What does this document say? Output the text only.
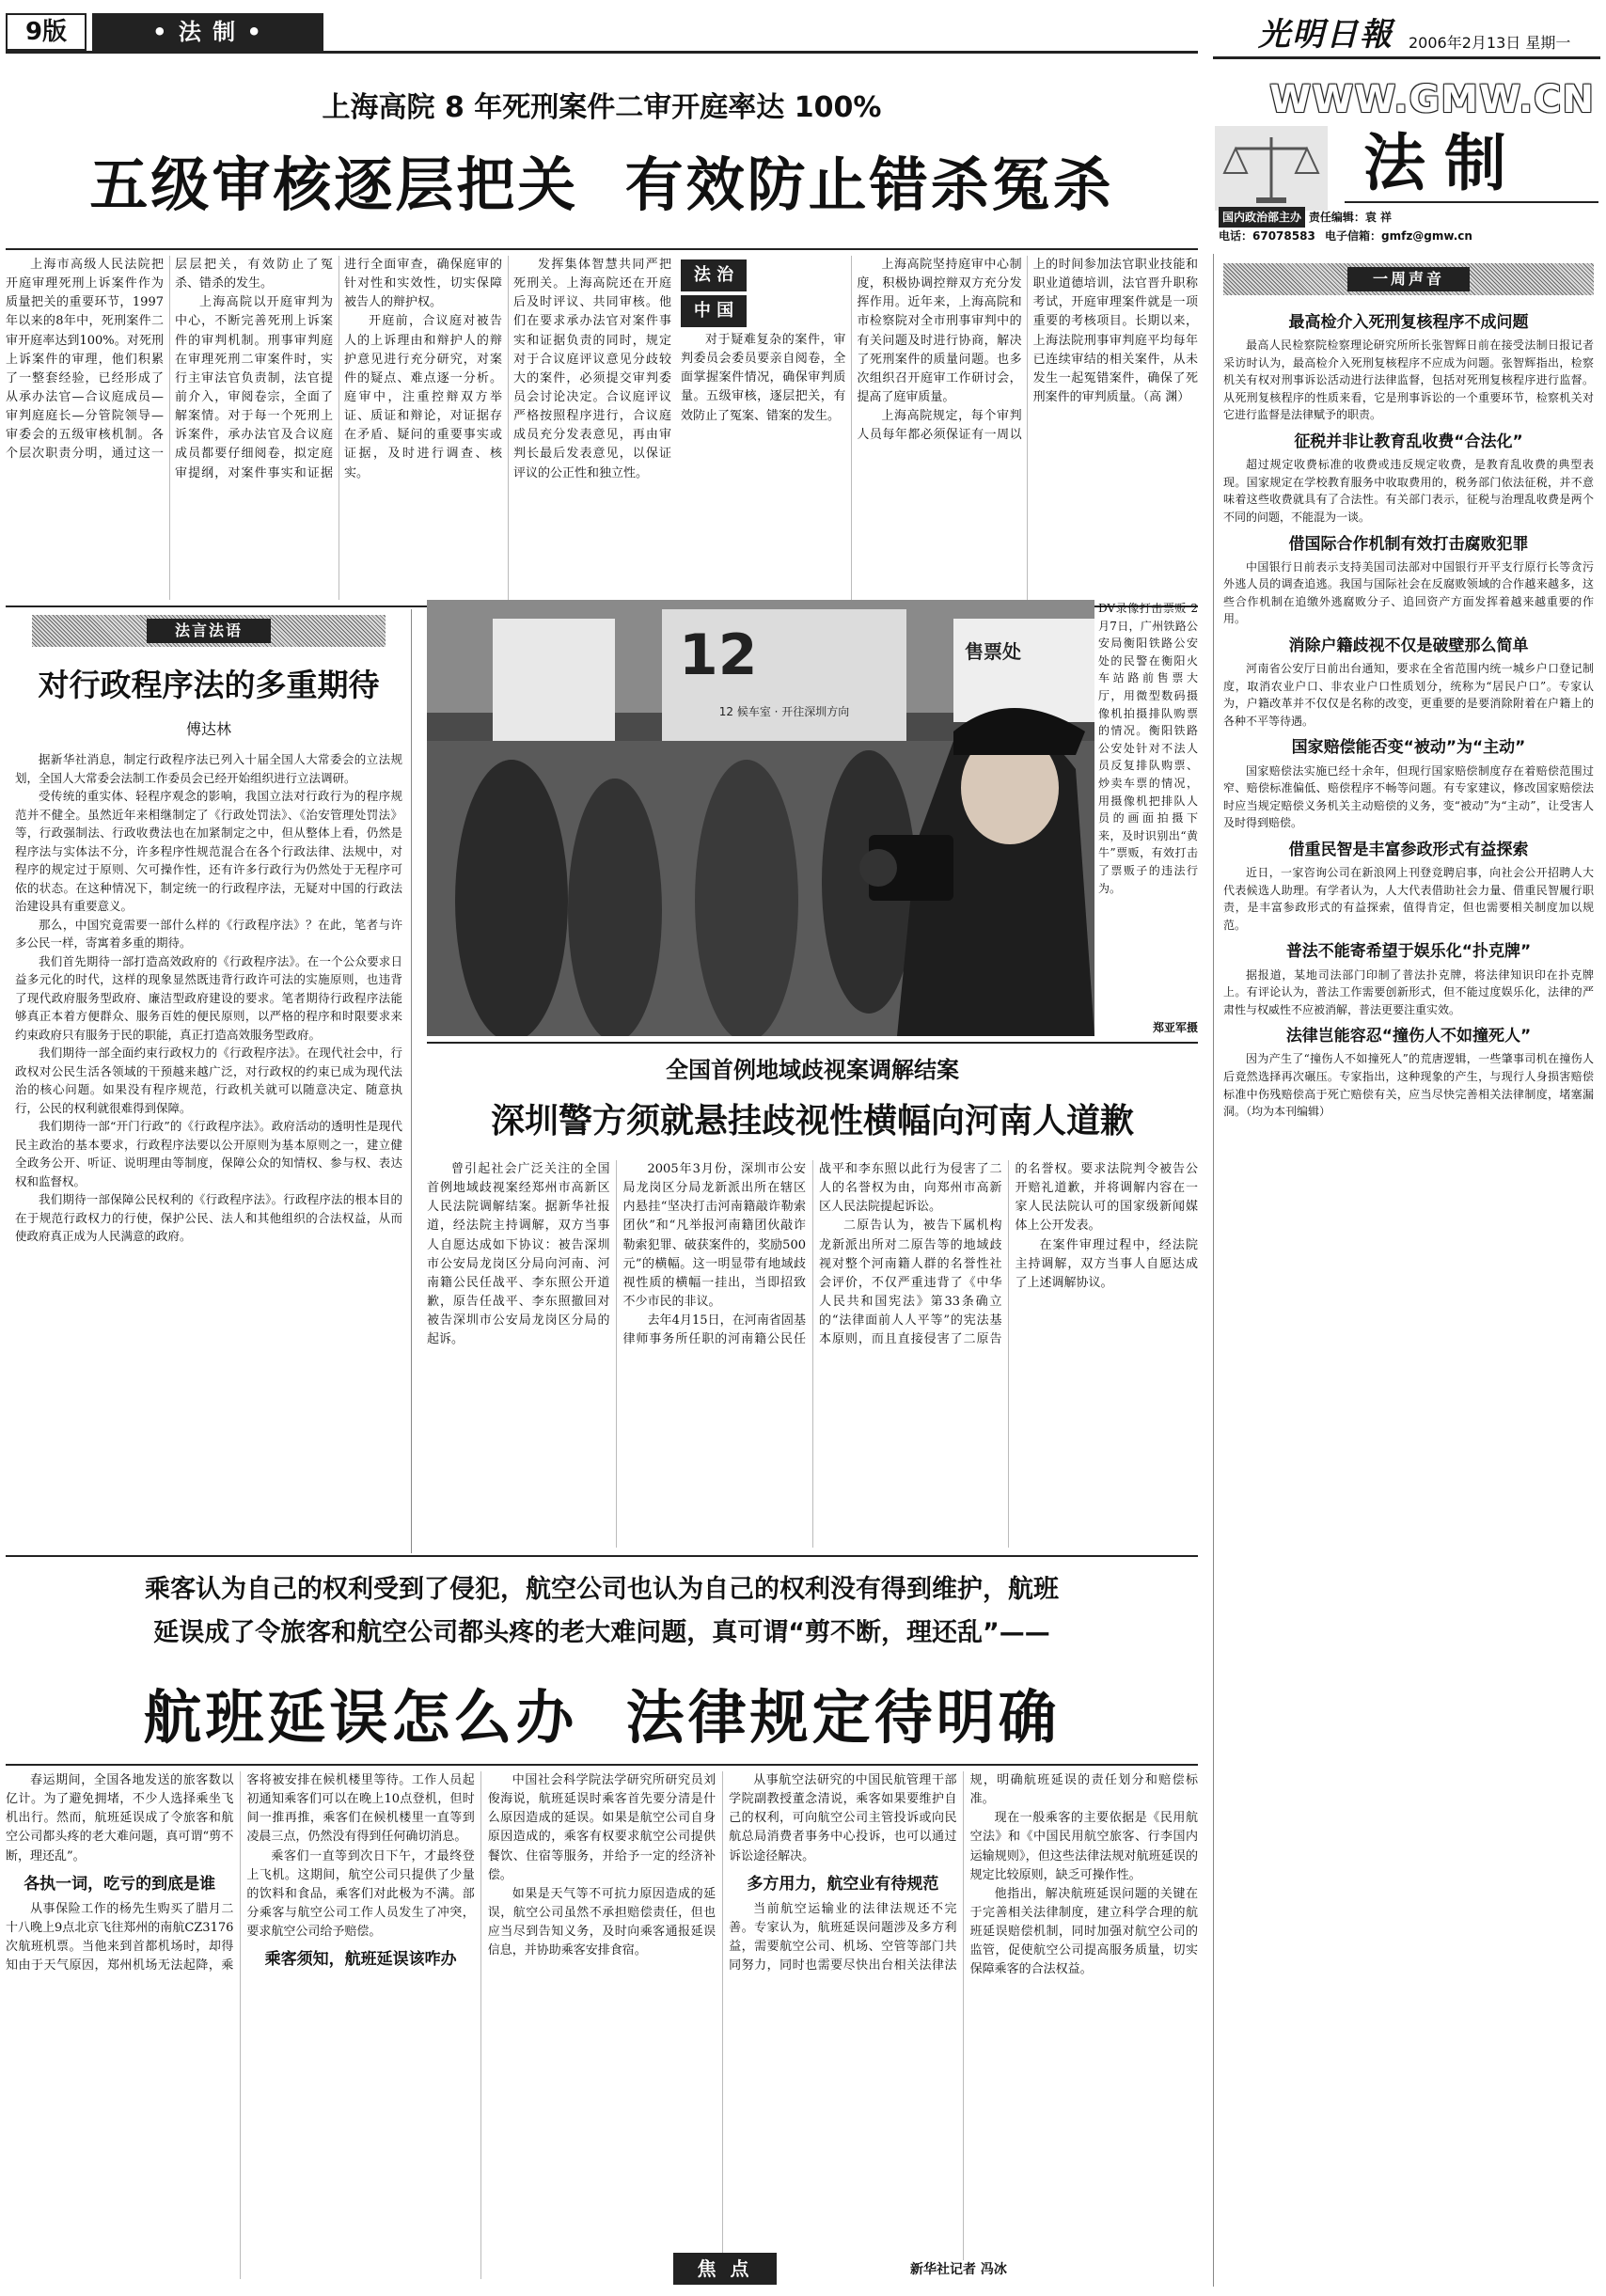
9版	• 法 制 •	光明日報 2006年2月13日 星期一
WWW.GMW.CN
法制
国内政治部主办 责任编辑：袁 祥
电话：67078583 电子信箱：gmfz@gmw.cn
上海高院 8 年死刑案件二审开庭率达 100%
五级审核逐层把关  有效防止错杀冤杀
法 治
中 国

上海市高级人民法院把开庭审理死刑上诉案件作为质量把关的重要环节，1997年以来的8年中，死刑案件二审开庭率达到100%。对死刑上诉案件的审理，他们积累了一整套经验，已经形成了从承办法官—合议庭成员—审判庭庭长—分管院领导—审委会的五级审核机制。各个层次职责分明，通过这一层层把关，有效防止了冤杀、错杀的发生。

上海高院以开庭审判为中心，不断完善死刑上诉案件的审判机制。刑事审判庭在审理死刑二审案件时，实行主审法官负责制，法官提前介入，审阅卷宗，全面了解案情。对于每一个死刑上诉案件，承办法官及合议庭成员都要仔细阅卷，拟定庭审提纲，对案件事实和证据进行全面审查，确保庭审的针对性和实效性，切实保障被告人的辩护权。

开庭前，合议庭对被告人的上诉理由和辩护人的辩护意见进行充分研究，对案件的疑点、难点逐一分析。庭审中，注重控辩双方举证、质证和辩论，对证据存在矛盾、疑问的重要事实或证据，及时进行调查、核实。

发挥集体智慧共同严把死刑关。上海高院还在开庭后及时评议、共同审核。他们在要求承办法官对案件事实和证据负责的同时，规定对于合议庭评议意见分歧较大的案件，必须提交审判委员会讨论决定。合议庭评议严格按照程序进行，合议庭成员充分发表意见，再由审判长最后发表意见，以保证评议的公正性和独立性。

对于疑难复杂的案件，审判委员会委员要亲自阅卷，全面掌握案件情况，确保审判质量。五级审核，逐层把关，有效防止了冤案、错案的发生。

上海高院坚持庭审中心制度，积极协调控辩双方充分发挥作用。近年来，上海高院和市检察院对全市刑事审判中的有关问题及时进行协商，解决了死刑案件的质量问题。也多次组织召开庭审工作研讨会，提高了庭审质量。

上海高院规定，每个审判人员每年都必须保证有一周以上的时间参加法官职业技能和职业道德培训，法官晋升职称考试，开庭审理案件就是一项重要的考核项目。长期以来，上海法院刑事审判庭平均每年已连续审结的相关案件，从未发生一起冤错案件，确保了死刑案件的审判质量。（高 渊）

法言法语
对行政程序法的多重期待
傅达林

据新华社消息，制定行政程序法已列入十届全国人大常委会的立法规划，全国人大常委会法制工作委员会已经开始组织进行立法调研。

受传统的重实体、轻程序观念的影响，我国立法对行政行为的程序规范并不健全。虽然近年来相继制定了《行政处罚法》、《治安管理处罚法》等，行政强制法、行政收费法也在加紧制定之中，但从整体上看，仍然是程序法与实体法不分，许多程序性规范混合在各个行政法律、法规中，对程序的规定过于原则、欠可操作性，还有许多行政行为仍然处于无程序可依的状态。在这种情况下，制定统一的行政程序法，无疑对中国的行政法治建设具有重要意义。

那么，中国究竟需要一部什么样的《行政程序法》？在此，笔者与许多公民一样，寄寓着多重的期待。

我们首先期待一部打造高效政府的《行政程序法》。在一个公众要求日益多元化的时代，这样的现象显然既违背行政许可法的实施原则，也违背了现代政府服务型政府、廉洁型政府建设的要求。笔者期待行政程序法能够真正本着方便群众、服务百姓的便民原则，以严格的程序和时限要求来约束政府只有服务于民的职能，真正打造高效服务型政府。

我们期待一部全面约束行政权力的《行政程序法》。在现代社会中，行政权对公民生活各领域的干预越来越广泛，对行政权的约束已成为现代法治的核心问题。如果没有程序规范，行政机关就可以随意决定、随意执行，公民的权利就很难得到保障。

我们期待一部“开门行政”的《行政程序法》。政府活动的透明性是现代民主政治的基本要求，行政程序法要以公开原则为基本原则之一，建立健全政务公开、听证、说明理由等制度，保障公众的知情权、参与权、表达权和监督权。

我们期待一部保障公民权利的《行政程序法》。行政程序法的根本目的在于规范行政权力的行使，保护公民、法人和其他组织的合法权益，从而使政府真正成为人民满意的政府。

12
12 候车室 · 开往深圳方向
售票处
DV录像打击票贩 2月7日，广州铁路公安局衡阳铁路公安处的民警在衡阳火车站路前售票大厅，用微型数码摄像机拍摄排队购票的情况。衡阳铁路公安处针对不法人员反复排队购票、炒卖车票的情况，用摄像机把排队人员的画面拍摄下来，及时识别出“黄牛”票贩，有效打击了票贩子的违法行为。
郑亚军摄
全国首例地域歧视案调解结案
深圳警方须就悬挂歧视性横幅向河南人道歉

曾引起社会广泛关注的全国首例地域歧视案经郑州市高新区人民法院调解结案。据新华社报道，经法院主持调解，双方当事人自愿达成如下协议：被告深圳市公安局龙岗区分局向河南、河南籍公民任战平、李东照公开道歉，原告任战平、李东照撤回对被告深圳市公安局龙岗区分局的起诉。

2005年3月份，深圳市公安局龙岗区分局龙新派出所在辖区内悬挂“坚决打击河南籍敲诈勒索团伙”和“凡举报河南籍团伙敲诈勒索犯罪、破获案件的，奖励500元”的横幅。这一明显带有地域歧视性质的横幅一挂出，当即招致不少市民的非议。

去年4月15日，在河南省固基律师事务所任职的河南籍公民任战平和李东照以此行为侵害了二人的名誉权为由，向郑州市高新区人民法院提起诉讼。

二原告认为，被告下属机构龙新派出所对二原告等的地域歧视对整个河南籍人群的名誉性社会评价，不仅严重违背了《中华人民共和国宪法》第33条确立的“法律面前人人平等”的宪法基本原则，而且直接侵害了二原告的名誉权。要求法院判令被告公开赔礼道歉，并将调解内容在一家人民法院认可的国家级新闻媒体上公开发表。

在案件审理过程中，经法院主持调解，双方当事人自愿达成了上述调解协议。

乘客认为自己的权利受到了侵犯，航空公司也认为自己的权利没有得到维护，航班
延误成了令旅客和航空公司都头疼的老大难问题，真可谓“剪不断，理还乱”——
航班延误怎么办  法律规定待明确

春运期间，全国各地发送的旅客数以亿计。为了避免拥堵，不少人选择乘坐飞机出行。然而，航班延误成了令旅客和航空公司都头疼的老大难问题，真可谓“剪不断，理还乱”。

各执一词，吃亏的到底是谁

从事保险工作的杨先生购买了腊月二十八晚上9点北京飞往郑州的南航CZ3176次航班机票。当他来到首都机场时，却得知由于天气原因，郑州机场无法起降，乘客将被安排在候机楼里等待。工作人员起初通知乘客们可以在晚上10点登机，但时间一推再推，乘客们在候机楼里一直等到凌晨三点，仍然没有得到任何确切消息。

乘客们一直等到次日下午，才最终登上飞机。这期间，航空公司只提供了少量的饮料和食品，乘客们对此极为不满。部分乘客与航空公司工作人员发生了冲突，要求航空公司给予赔偿。

乘客须知，航班延误该咋办

中国社会科学院法学研究所研究员刘俊海说，航班延误时乘客首先要分清是什么原因造成的延误。如果是航空公司自身原因造成的，乘客有权要求航空公司提供餐饮、住宿等服务，并给予一定的经济补偿。

如果是天气等不可抗力原因造成的延误，航空公司虽然不承担赔偿责任，但也应当尽到告知义务，及时向乘客通报延误信息，并协助乘客安排食宿。

从事航空法研究的中国民航管理干部学院副教授董念清说，乘客如果要维护自己的权利，可向航空公司主管投诉或向民航总局消费者事务中心投诉，也可以通过诉讼途径解决。

多方用力，航空业有待规范

当前航空运输业的法律法规还不完善。专家认为，航班延误问题涉及多方利益，需要航空公司、机场、空管等部门共同努力，同时也需要尽快出台相关法律法规，明确航班延误的责任划分和赔偿标准。

现在一般乘客的主要依据是《民用航空法》和《中国民用航空旅客、行李国内运输规则》，但这些法律法规对航班延误的规定比较原则，缺乏可操作性。

他指出，解决航班延误问题的关键在于完善相关法律制度，建立科学合理的航班延误赔偿机制，同时加强对航空公司的监管，促使航空公司提高服务质量，切实保障乘客的合法权益。

焦 点	新华社记者 冯冰
一周声音
最高检介入死刑复核程序不成问题
最高人民检察院检察理论研究所所长张智辉日前在接受法制日报记者采访时认为，最高检介入死刑复核程序不应成为问题。张智辉指出，检察机关有权对刑事诉讼活动进行法律监督，包括对死刑复核程序进行监督。从死刑复核程序的性质来看，它是刑事诉讼的一个重要环节，检察机关对它进行监督是法律赋予的职责。
征税并非让教育乱收费“合法化”
超过规定收费标准的收费或违反规定收费，是教育乱收费的典型表现。国家规定在学校教育服务中收取费用的，税务部门依法征税，并不意味着这些收费就具有了合法性。有关部门表示，征税与治理乱收费是两个不同的问题，不能混为一谈。
借国际合作机制有效打击腐败犯罪
中国银行日前表示支持美国司法部对中国银行开平支行原行长等贪污外逃人员的调查追逃。我国与国际社会在反腐败领域的合作越来越多，这些合作机制在追缴外逃腐败分子、追回资产方面发挥着越来越重要的作用。
消除户籍歧视不仅是破壁那么简单
河南省公安厅日前出台通知，要求在全省范围内统一城乡户口登记制度，取消农业户口、非农业户口性质划分，统称为“居民户口”。专家认为，户籍改革并不仅仅是名称的改变，更重要的是要消除附着在户籍上的各种不平等待遇。
国家赔偿能否变“被动”为“主动”
国家赔偿法实施已经十余年，但现行国家赔偿制度存在着赔偿范围过窄、赔偿标准偏低、赔偿程序不畅等问题。有专家建议，修改国家赔偿法时应当规定赔偿义务机关主动赔偿的义务，变“被动”为“主动”，让受害人及时得到赔偿。
借重民智是丰富参政形式有益探索
近日，一家咨询公司在新浪网上刊登竞聘启事，向社会公开招聘人大代表候选人助理。有学者认为，人大代表借助社会力量、借重民智履行职责，是丰富参政形式的有益探索，值得肯定，但也需要相关制度加以规范。
普法不能寄希望于娱乐化“扑克牌”
据报道，某地司法部门印制了普法扑克牌，将法律知识印在扑克牌上。有评论认为，普法工作需要创新形式，但不能过度娱乐化，法律的严肃性与权威性不应被消解，普法更要注重实效。
法律岂能容忍“撞伤人不如撞死人”
因为产生了“撞伤人不如撞死人”的荒唐逻辑，一些肇事司机在撞伤人后竟然选择再次碾压。专家指出，这种现象的产生，与现行人身损害赔偿标准中伤残赔偿高于死亡赔偿有关，应当尽快完善相关法律制度，堵塞漏洞。（均为本刊编辑）
